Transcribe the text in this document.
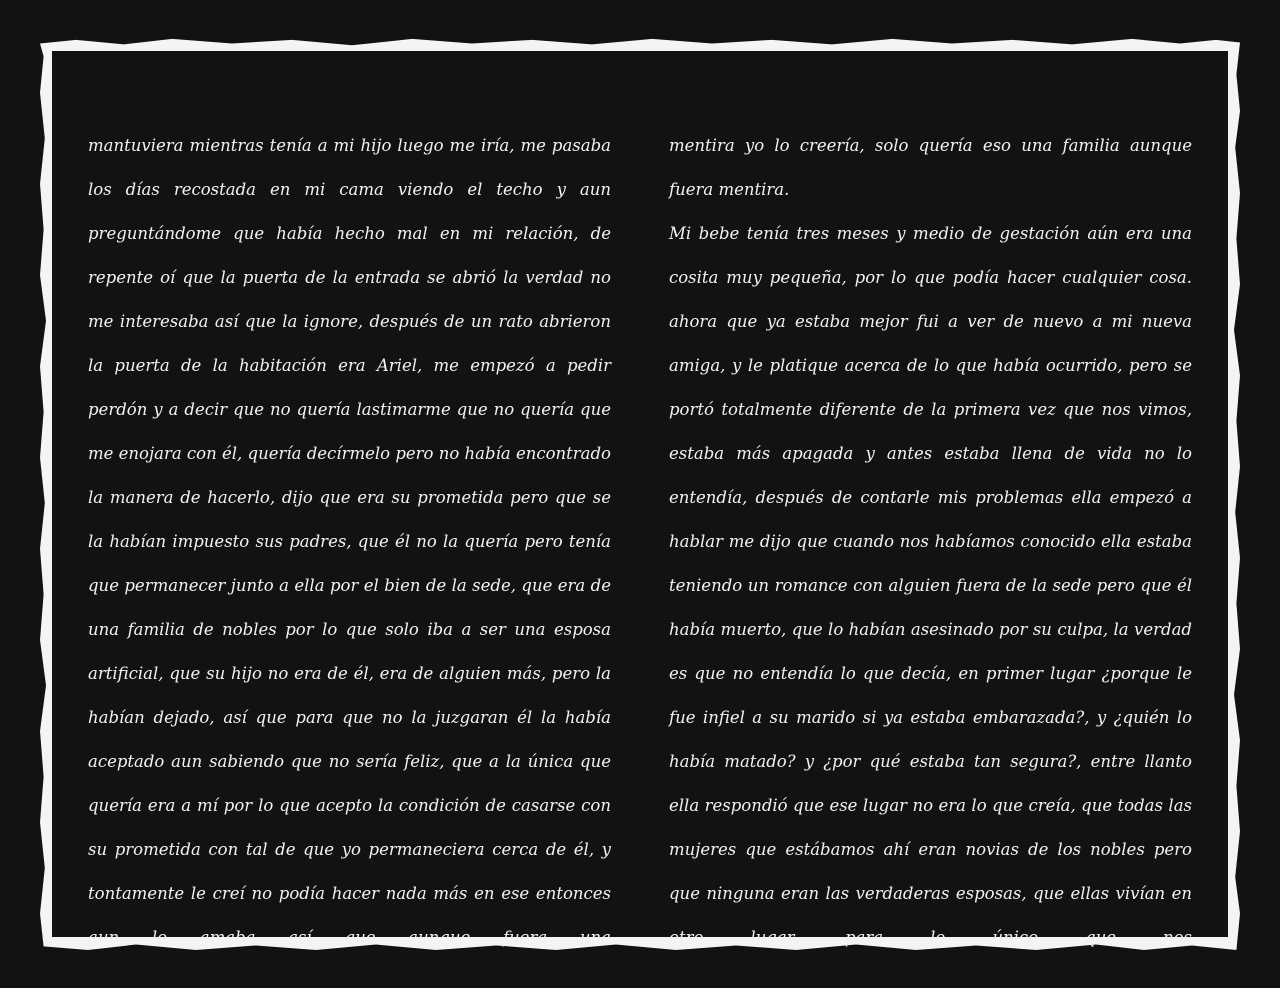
mantuviera mientras tenía a mi hijo luego me iría, me pasaba los días recostada en mi cama viendo el techo y aun preguntándome que había hecho mal en mi relación, de repente oí que la puerta de la entrada se abrió la verdad no me interesaba así que la ignore, después de un rato abrieron la puerta de la habitación era Ariel, me empezó a pedir perdón y a decir que no quería lastimarme que no quería que me enojara con él, quería decírmelo pero no había encontrado la manera de hacerlo, dijo que era su prometida pero que se la habían impuesto sus padres, que él no la quería pero tenía que permanecer junto a ella por el bien de la sede, que era de una familia de nobles por lo que solo iba a ser una esposa artificial, que su hijo no era de él, era de alguien más, pero la habían dejado, así que para que no la juzgaran él la había aceptado aun sabiendo que no sería feliz, que a la única que quería era a mí por lo que acepto la condición de casarse con su prometida con tal de que yo permaneciera cerca de él, y tontamente le creí no podía hacer nada más en ese entonces aun lo amaba así que aunque fuera una

mentira yo lo creería, solo quería eso una familia aunque fuera mentira.

Mi bebe tenía tres meses y medio de gestación aún era una cosita muy pequeña, por lo que podía hacer cualquier cosa. ahora que ya estaba mejor fui a ver de nuevo a mi nueva amiga, y le platique acerca de lo que había ocurrido, pero se portó totalmente diferente de la primera vez que nos vimos, estaba más apagada y antes estaba llena de vida no lo entendía, después de contarle mis problemas ella empezó a hablar me dijo que cuando nos habíamos conocido ella estaba teniendo un romance con alguien fuera de la sede pero que él había muerto, que lo habían asesinado por su culpa, la verdad es que no entendía lo que decía, en primer lugar ¿porque le fue infiel a su marido si ya estaba embarazada?, y ¿quién lo había matado? y ¿por qué estaba tan segura?, entre llanto ella respondió que ese lugar no era lo que creía, que todas las mujeres que estábamos ahí eran novias de los nobles pero que ninguna eran las verdaderas esposas, que ellas vivían en otro lugar, para lo único que nos
